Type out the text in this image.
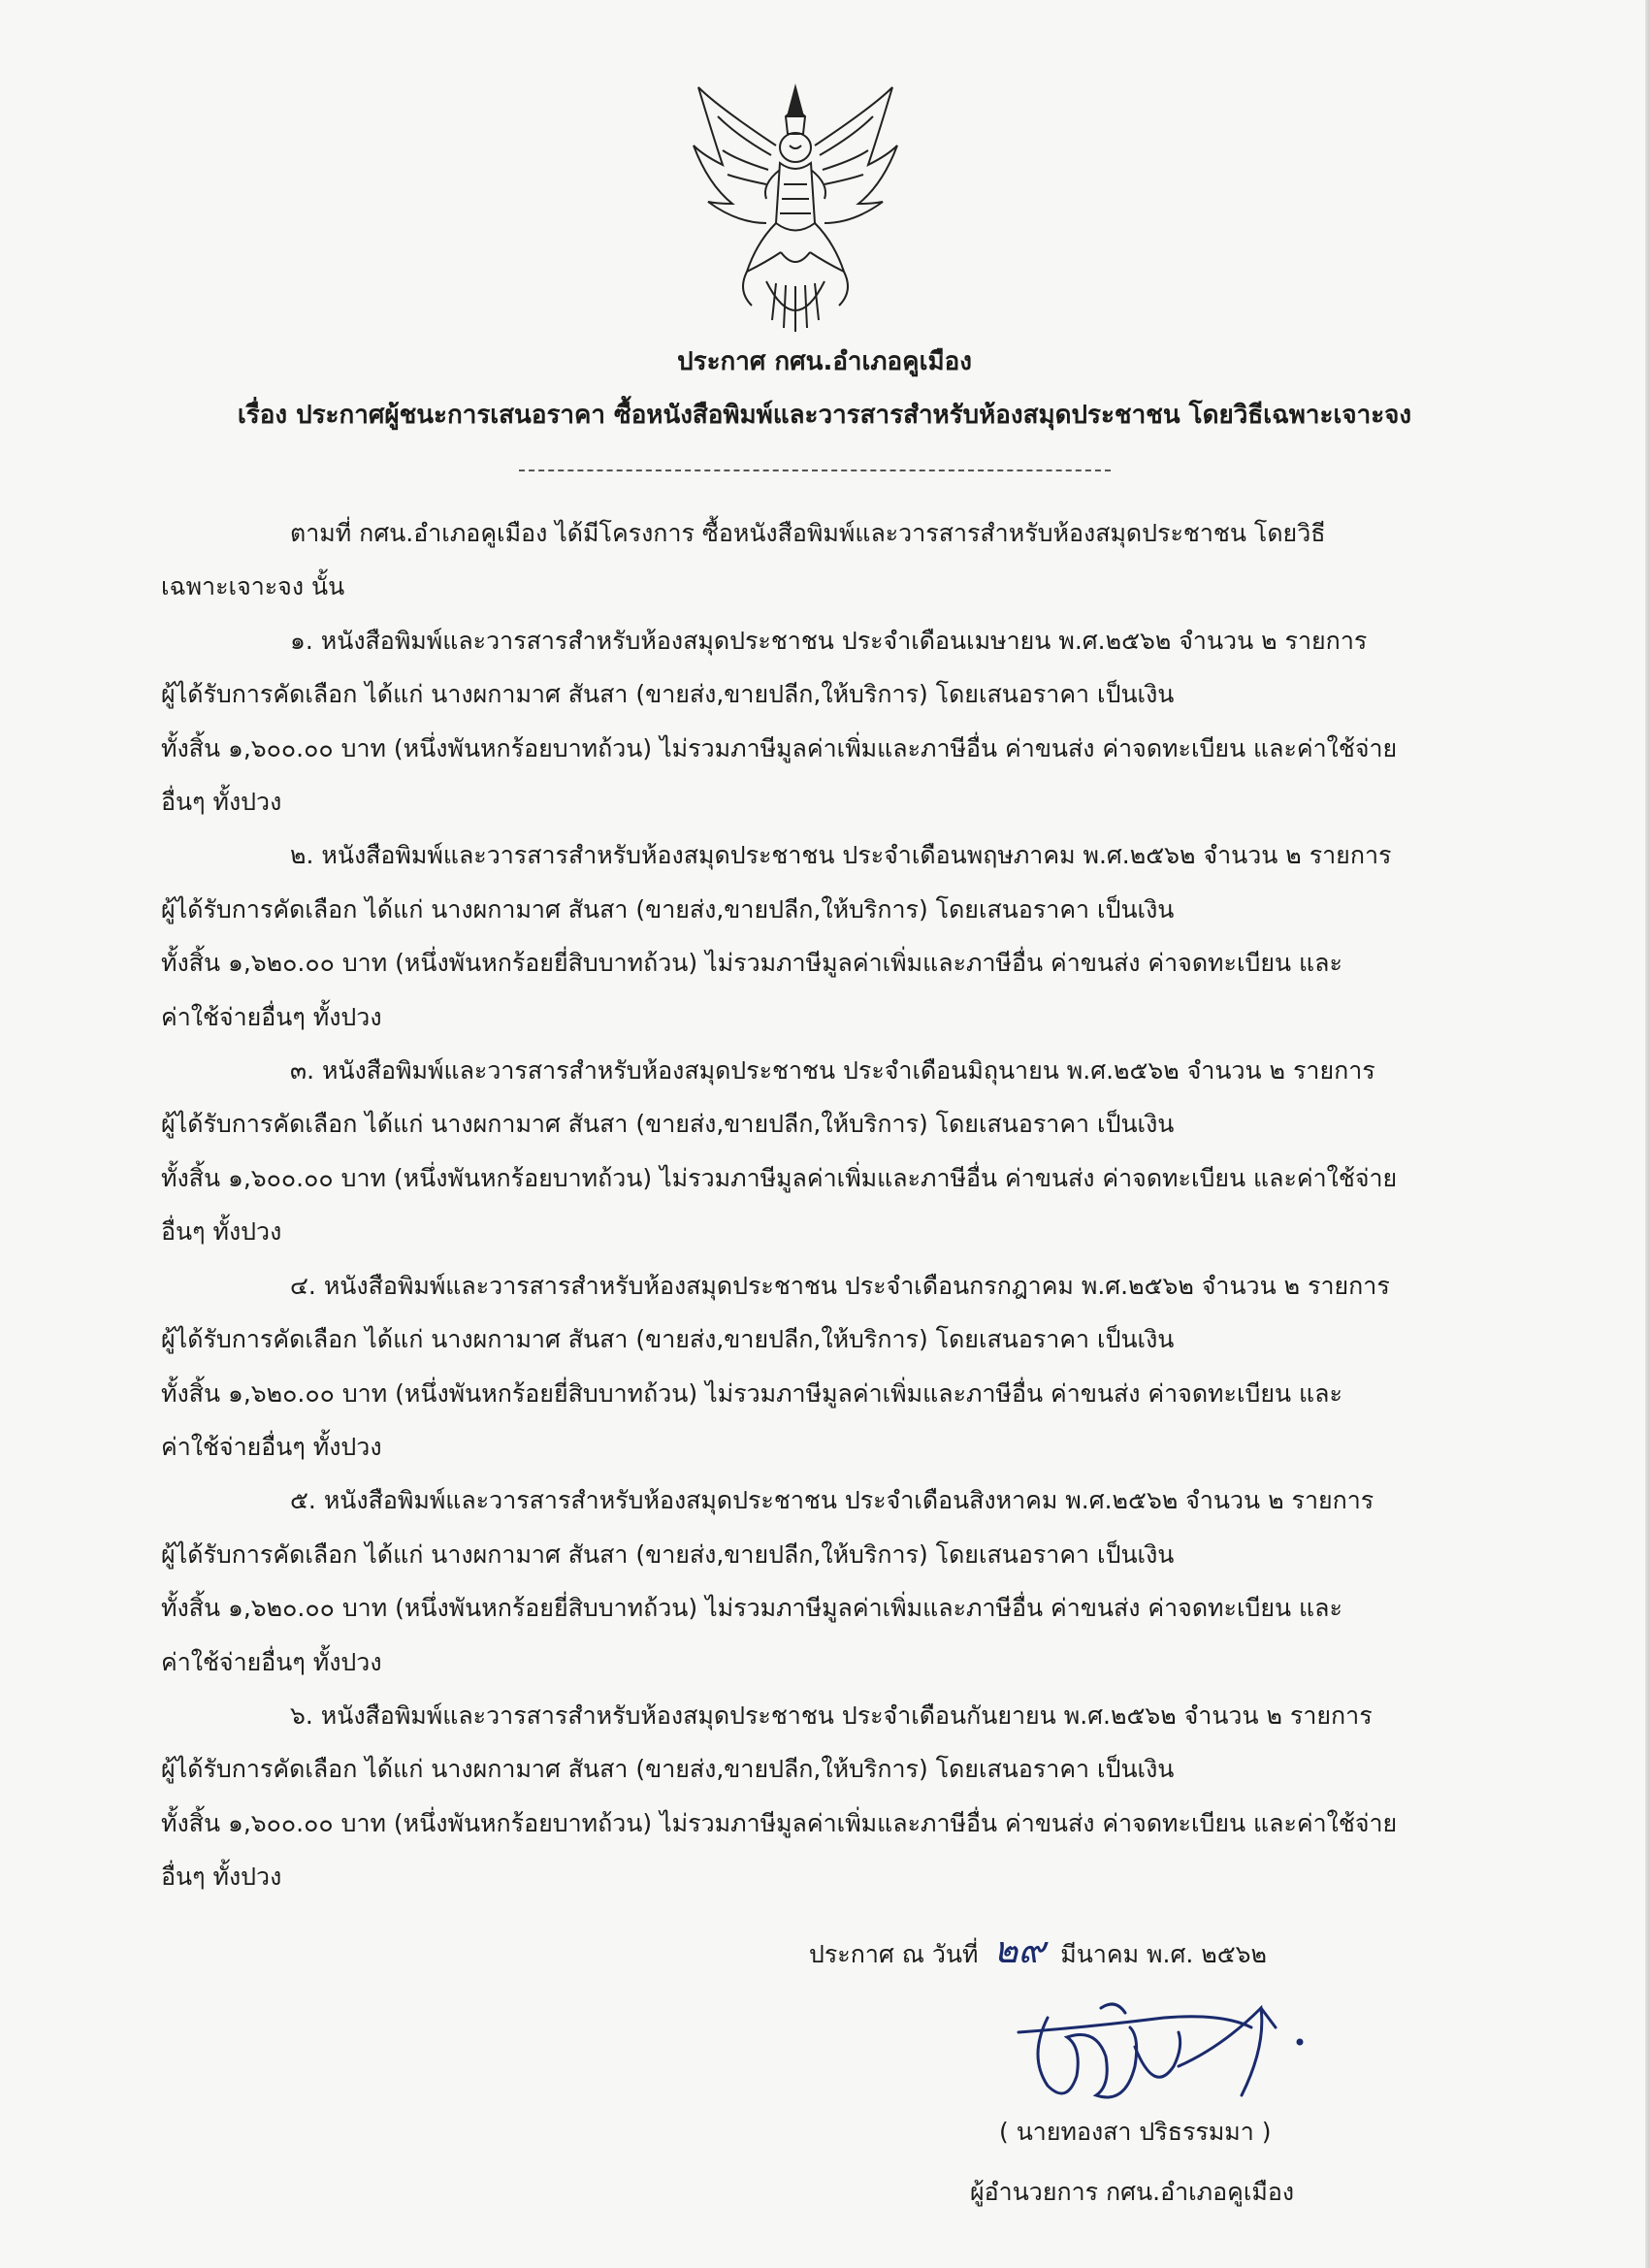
ประกาศ กศน.อำเภอคูเมือง
เรื่อง ประกาศผู้ชนะการเสนอราคา ซื้อหนังสือพิมพ์และวารสารสำหรับห้องสมุดประชาชน โดยวิธีเฉพาะเจาะจง

ตามที่ กศน.อำเภอคูเมือง ได้มีโครงการ ซื้อหนังสือพิมพ์และวารสารสำหรับห้องสมุดประชาชน โดยวิธี
เฉพาะเจาะจง นั้น

๑. หนังสือพิมพ์และวารสารสำหรับห้องสมุดประชาชน ประจำเดือนเมษายน พ.ศ.๒๕๖๒ จำนวน ๒ รายการ
ผู้ได้รับการคัดเลือก ได้แก่ นางผกามาศ สันสา (ขายส่ง,ขายปลีก,ให้บริการ) โดยเสนอราคา เป็นเงิน
ทั้งสิ้น ๑,๖๐๐.๐๐ บาท (หนึ่งพันหกร้อยบาทถ้วน) ไม่รวมภาษีมูลค่าเพิ่มและภาษีอื่น ค่าขนส่ง ค่าจดทะเบียน และค่าใช้จ่าย
อื่นๆ ทั้งปวง

๒. หนังสือพิมพ์และวารสารสำหรับห้องสมุดประชาชน ประจำเดือนพฤษภาคม พ.ศ.๒๕๖๒ จำนวน ๒ รายการ
ผู้ได้รับการคัดเลือก ได้แก่ นางผกามาศ สันสา (ขายส่ง,ขายปลีก,ให้บริการ) โดยเสนอราคา เป็นเงิน
ทั้งสิ้น ๑,๖๒๐.๐๐ บาท (หนึ่งพันหกร้อยยี่สิบบาทถ้วน) ไม่รวมภาษีมูลค่าเพิ่มและภาษีอื่น ค่าขนส่ง ค่าจดทะเบียน และ
ค่าใช้จ่ายอื่นๆ ทั้งปวง

๓. หนังสือพิมพ์และวารสารสำหรับห้องสมุดประชาชน ประจำเดือนมิถุนายน พ.ศ.๒๕๖๒ จำนวน ๒ รายการ
ผู้ได้รับการคัดเลือก ได้แก่ นางผกามาศ สันสา (ขายส่ง,ขายปลีก,ให้บริการ) โดยเสนอราคา เป็นเงิน
ทั้งสิ้น ๑,๖๐๐.๐๐ บาท (หนึ่งพันหกร้อยบาทถ้วน) ไม่รวมภาษีมูลค่าเพิ่มและภาษีอื่น ค่าขนส่ง ค่าจดทะเบียน และค่าใช้จ่าย
อื่นๆ ทั้งปวง

๔. หนังสือพิมพ์และวารสารสำหรับห้องสมุดประชาชน ประจำเดือนกรกฎาคม พ.ศ.๒๕๖๒ จำนวน ๒ รายการ
ผู้ได้รับการคัดเลือก ได้แก่ นางผกามาศ สันสา (ขายส่ง,ขายปลีก,ให้บริการ) โดยเสนอราคา เป็นเงิน
ทั้งสิ้น ๑,๖๒๐.๐๐ บาท (หนึ่งพันหกร้อยยี่สิบบาทถ้วน) ไม่รวมภาษีมูลค่าเพิ่มและภาษีอื่น ค่าขนส่ง ค่าจดทะเบียน และ
ค่าใช้จ่ายอื่นๆ ทั้งปวง

๕. หนังสือพิมพ์และวารสารสำหรับห้องสมุดประชาชน ประจำเดือนสิงหาคม พ.ศ.๒๕๖๒ จำนวน ๒ รายการ
ผู้ได้รับการคัดเลือก ได้แก่ นางผกามาศ สันสา (ขายส่ง,ขายปลีก,ให้บริการ) โดยเสนอราคา เป็นเงิน
ทั้งสิ้น ๑,๖๒๐.๐๐ บาท (หนึ่งพันหกร้อยยี่สิบบาทถ้วน) ไม่รวมภาษีมูลค่าเพิ่มและภาษีอื่น ค่าขนส่ง ค่าจดทะเบียน และ
ค่าใช้จ่ายอื่นๆ ทั้งปวง

๖. หนังสือพิมพ์และวารสารสำหรับห้องสมุดประชาชน ประจำเดือนกันยายน พ.ศ.๒๕๖๒ จำนวน ๒ รายการ
ผู้ได้รับการคัดเลือก ได้แก่ นางผกามาศ สันสา (ขายส่ง,ขายปลีก,ให้บริการ) โดยเสนอราคา เป็นเงิน
ทั้งสิ้น ๑,๖๐๐.๐๐ บาท (หนึ่งพันหกร้อยบาทถ้วน) ไม่รวมภาษีมูลค่าเพิ่มและภาษีอื่น ค่าขนส่ง ค่าจดทะเบียน และค่าใช้จ่าย
อื่นๆ ทั้งปวง

ประกาศ ณ วันที่ ๒๙ มีนาคม พ.ศ. ๒๕๖๒
( นายทองสา ปริธรรมมา )
ผู้อำนวยการ กศน.อำเภอคูเมือง
